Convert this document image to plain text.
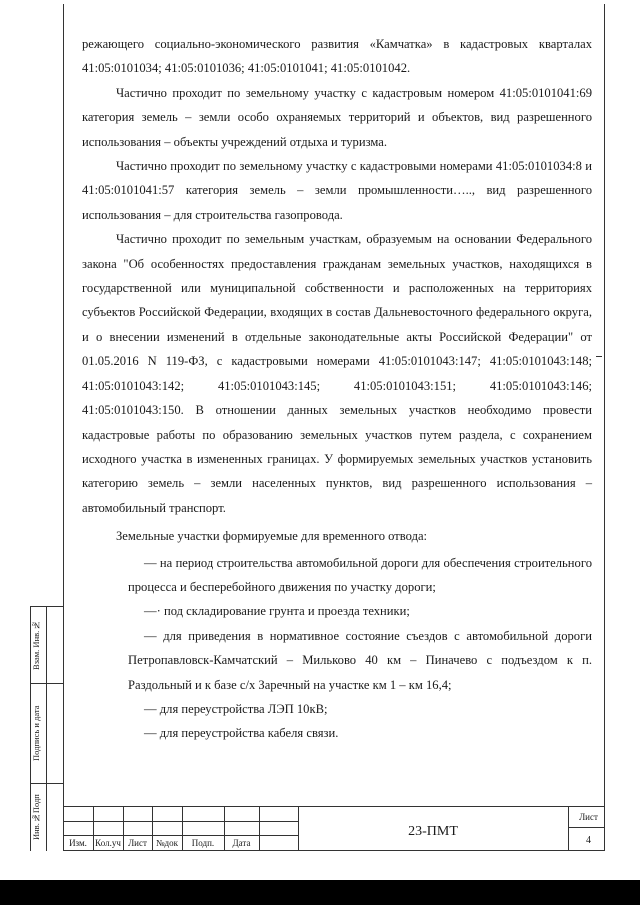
режающего социально-экономического развития «Камчатка» в кадастровых кварталах 41:05:0101034; 41:05:0101036; 41:05:0101041; 41:05:0101042.

Частично проходит по земельному участку с кадастровым номером 41:05:0101041:69 категория земель – земли особо охраняемых территорий и объектов, вид разрешенного использования – объекты учреждений отдыха и туризма.

Частично проходит по земельному участку с кадастровыми номерами 41:05:0101034:8 и 41:05:0101041:57 категория земель – земли промышленности….., вид разрешенного использования – для строительства газопровода.

Частично проходит по земельным участкам, образуемым на основании Федерального закона "Об особенностях предоставления гражданам земельных участков, находящихся в государственной или муниципальной собственности и расположенных на территориях субъектов Российской Федерации, входящих в состав Дальневосточного федерального округа, и о внесении изменений в отдельные законодательные акты Российской Федерации" от 01.05.2016 N 119-ФЗ, с кадастровыми номерами 41:05:0101043:147; 41:05:0101043:148; 41:05:0101043:142; 41:05:0101043:145; 41:05:0101043:151; 41:05:0101043:146; 41:05:0101043:150. В отношении данных земельных участков необходимо провести кадастровые работы по образованию земельных участков путем раздела, с сохранением исходного участка в измененных границах. У формируемых земельных участков установить категорию земель – земли населенных пунктов, вид разрешенного использования – автомобильный транспорт.

Земельные участки формируемые для временного отвода:

— на период строительства автомобильной дороги для обеспечения строительного процесса и бесперебойного движения по участку дороги;
—· под складирование грунта и проезда техники;
— для приведения в нормативное состояние съездов с автомобильной дороги Петропавловск-Камчатский – Мильково 40 км – Пиначево с подъездом к п. Раздольный и к базе с/х Заречный на участке км 1 – км 16,4;
— для переустройства ЛЭП 10кВ;
— для переустройства кабеля связи.
Взам. Инв.№
Подпись и дата
Инв.№Подп
Изм. Кол.уч Лист	№док	Подп.	Дата
23-ПМТ
Лист
4
